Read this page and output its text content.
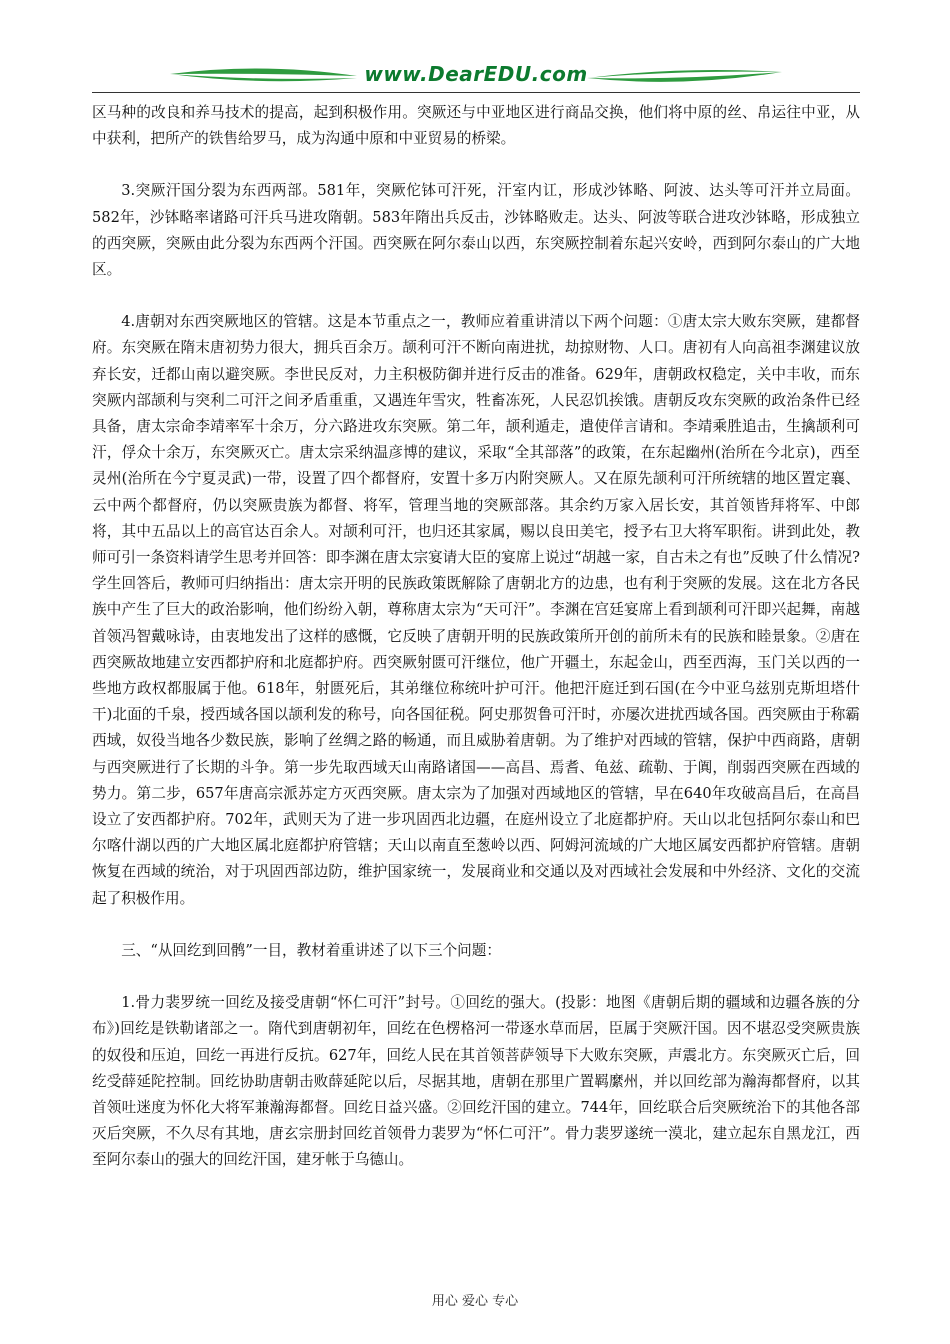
www.DearEDU.com

区马种的改良和养马技术的提高，起到积极作用。突厥还与中亚地区进行商品交换，他们将中原的丝、帛运往中亚，从中获利，把所产的铁售给罗马，成为沟通中原和中亚贸易的桥梁。

3.突厥汗国分裂为东西两部。581年，突厥佗钵可汗死，汗室内讧，形成沙钵略、阿波、达头等可汗并立局面。582年，沙钵略率诸路可汗兵马进攻隋朝。583年隋出兵反击，沙钵略败走。达头、阿波等联合进攻沙钵略，形成独立的西突厥，突厥由此分裂为东西两个汗国。西突厥在阿尔泰山以西，东突厥控制着东起兴安岭，西到阿尔泰山的广大地区。

4.唐朝对东西突厥地区的管辖。这是本节重点之一，教师应着重讲清以下两个问题：①唐太宗大败东突厥，建都督府。东突厥在隋末唐初势力很大，拥兵百余万。颉利可汗不断向南进扰，劫掠财物、人口。唐初有人向高祖李渊建议放弃长安，迁都山南以避突厥。李世民反对，力主积极防御并进行反击的准备。629年，唐朝政权稳定，关中丰收，而东突厥内部颉利与突利二可汗之间矛盾重重，又遇连年雪灾，牲畜冻死，人民忍饥挨饿。唐朝反攻东突厥的政治条件已经具备，唐太宗命李靖率军十余万，分六路进攻东突厥。第二年，颉利遁走，遣使佯言请和。李靖乘胜追击，生擒颉利可汗，俘众十余万，东突厥灭亡。唐太宗采纳温彦博的建议，采取“全其部落”的政策，在东起幽州(治所在今北京)，西至灵州(治所在今宁夏灵武)一带，设置了四个都督府，安置十多万内附突厥人。又在原先颉利可汗所统辖的地区置定襄、云中两个都督府，仍以突厥贵族为都督、将军，管理当地的突厥部落。其余约万家入居长安，其首领皆拜将军、中郎将，其中五品以上的高官达百余人。对颉利可汗，也归还其家属，赐以良田美宅，授予右卫大将军职衔。讲到此处，教师可引一条资料请学生思考并回答：即李渊在唐太宗宴请大臣的宴席上说过“胡越一家，自古未之有也”反映了什么情况?学生回答后，教师可归纳指出：唐太宗开明的民族政策既解除了唐朝北方的边患，也有利于突厥的发展。这在北方各民族中产生了巨大的政治影响，他们纷纷入朝，尊称唐太宗为“天可汗”。李渊在宫廷宴席上看到颉利可汗即兴起舞，南越首领冯智戴咏诗，由衷地发出了这样的感慨，它反映了唐朝开明的民族政策所开创的前所未有的民族和睦景象。②唐在西突厥故地建立安西都护府和北庭都护府。西突厥射匮可汗继位，他广开疆土，东起金山，西至西海，玉门关以西的一些地方政权都服属于他。618年，射匮死后，其弟继位称统叶护可汗。他把汗庭迁到石国(在今中亚乌兹别克斯坦塔什干)北面的千泉，授西域各国以颉利发的称号，向各国征税。阿史那贺鲁可汗时，亦屡次进扰西域各国。西突厥由于称霸西域，奴役当地各少数民族，影响了丝绸之路的畅通，而且威胁着唐朝。为了维护对西域的管辖，保护中西商路，唐朝与西突厥进行了长期的斗争。第一步先取西域天山南路诸国——高昌、焉耆、龟兹、疏勒、于阗，削弱西突厥在西域的势力。第二步，657年唐高宗派苏定方灭西突厥。唐太宗为了加强对西域地区的管辖，早在640年攻破高昌后，在高昌设立了安西都护府。702年，武则天为了进一步巩固西北边疆，在庭州设立了北庭都护府。天山以北包括阿尔泰山和巴尔喀什湖以西的广大地区属北庭都护府管辖；天山以南直至葱岭以西、阿姆河流域的广大地区属安西都护府管辖。唐朝恢复在西域的统治，对于巩固西部边防，维护国家统一，发展商业和交通以及对西域社会发展和中外经济、文化的交流起了积极作用。

三、“从回纥到回鹘”一目，教材着重讲述了以下三个问题：

1.骨力裴罗统一回纥及接受唐朝“怀仁可汗”封号。①回纥的强大。(投影：地图《唐朝后期的疆域和边疆各族的分布》)回纥是铁勒诸部之一。隋代到唐朝初年，回纥在色楞格河一带逐水草而居，臣属于突厥汗国。因不堪忍受突厥贵族的奴役和压迫，回纥一再进行反抗。627年，回纥人民在其首领菩萨领导下大败东突厥，声震北方。东突厥灭亡后，回纥受薛延陀控制。回纥协助唐朝击败薛延陀以后，尽据其地，唐朝在那里广置羁縻州，并以回纥部为瀚海都督府，以其首领吐迷度为怀化大将军兼瀚海都督。回纥日益兴盛。②回纥汗国的建立。744年，回纥联合后突厥统治下的其他各部灭后突厥，不久尽有其地，唐玄宗册封回纥首领骨力裴罗为“怀仁可汗”。骨力裴罗遂统一漠北，建立起东自黑龙江，西至阿尔泰山的强大的回纥汗国，建牙帐于乌德山。

用心 爱心 专心
